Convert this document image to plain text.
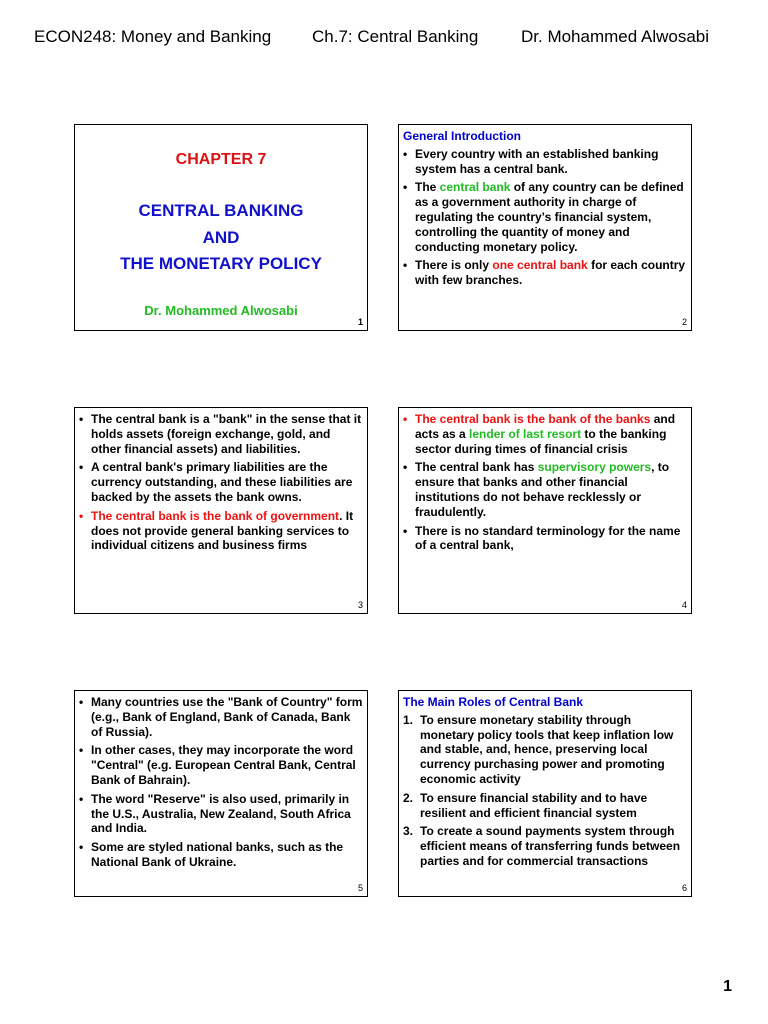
ECON248: Money and Banking Ch.7: Central Banking	Dr. Mohammed Alwosabi
CHAPTER 7
CENTRAL BANKING
AND
THE MONETARY POLICY
Dr. Mohammed Alwosabi
1
General Introduction
• Every country with an established banking system has a central bank.
• The central bank of any country can be defined as a government authority in charge of regulating the country’s financial system, controlling the quantity of money and conducting monetary policy.
• There is only one central bank for each country with few branches.
2
• The central bank is a "bank" in the sense that it holds assets (foreign exchange, gold, and other financial assets) and liabilities.
• A central bank's primary liabilities are the currency outstanding, and these liabilities are backed by the assets the bank owns.
• The central bank is the bank of government. It does not provide general banking services to individual citizens and business firms
3
• The central bank is the bank of the banks and acts as a lender of last resort to the banking sector during times of financial crisis
• The central bank has supervisory powers, to ensure that banks and other financial institutions do not behave recklessly or fraudulently.
• There is no standard terminology for the name of a central bank,
4
• Many countries use the "Bank of Country" form (e.g., Bank of England, Bank of Canada, Bank of Russia).
• In other cases, they may incorporate the word "Central" (e.g. European Central Bank, Central Bank of Bahrain).
• The word "Reserve" is also used, primarily in the U.S., Australia, New Zealand, South Africa and India.
• Some are styled national banks, such as the National Bank of Ukraine.
5
The Main Roles of Central Bank
1. To ensure monetary stability through monetary policy tools that keep inflation low and stable, and, hence, preserving local currency purchasing power and promoting economic activity
2. To ensure financial stability and to have resilient and efficient financial system
3. To create a sound payments system through efficient means of transferring funds between parties and for commercial transactions
6
1
